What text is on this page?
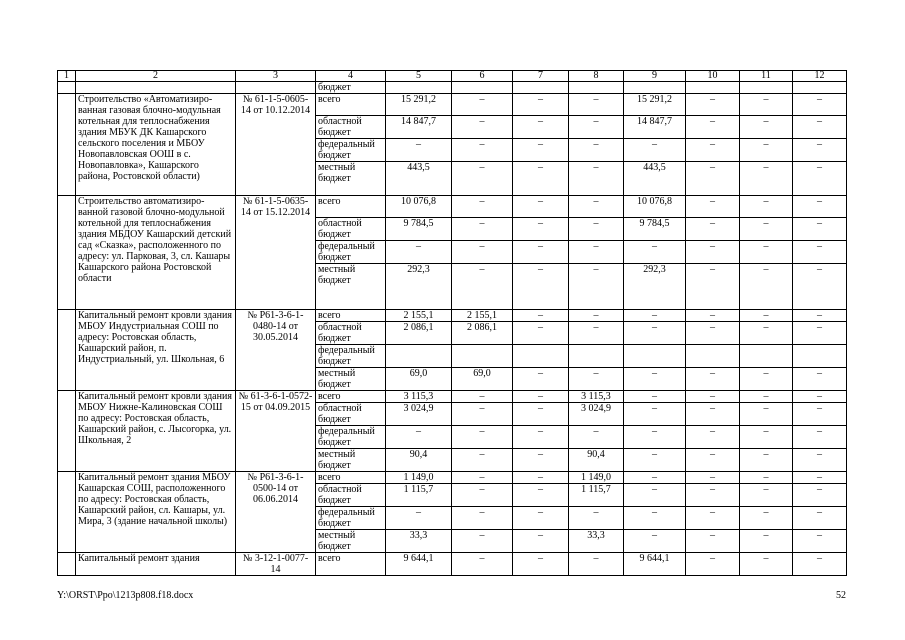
1	2	3	4	5	6	7	8	9	10	11	12
			бюджет								
	Строительство «Автоматизиро-ванная газовая блочно-модульная котельная для теплоснабжения здания МБУК ДК Кашарского сельского поселения и МБОУ Новопавловская ООШ в с. Новопавловка», Кашарского района, Ростовской области)	№ 61-1-5-0605-14 от 10.12.2014	всего	15 291,2	–	–	–	15 291,2	–	–	–
			областной бюджет	14 847,7	–	–	–	14 847,7	–	–	–
			федеральный бюджет	–	–	–	–	–	–	–	–
			местный бюджет	443,5	–	–	–	443,5	–	–	–
	Строительство автоматизиро-ванной газовой блочно-модульной котельной для теплоснабжения здания МБДОУ Кашарский детский сад «Сказка», расположенного по адресу: ул. Парковая, 3, сл. Кашары Кашарского района Ростовской области	№ 61-1-5-0635-14 от 15.12.2014	всего	10 076,8	–	–	–	10 076,8	–	–	–
			областной бюджет	9 784,5	–	–	–	9 784,5	–	–	–
			федеральный бюджет	–	–	–	–	–	–	–	–
			местный бюджет	292,3	–	–	–	292,3	–	–	–
	Капитальный ремонт кровли здания МБОУ Индустриальная СОШ по адресу: Ростовская область, Кашарский район, п. Индустриальный, ул. Школьная, 6	№ Р61-3-6-1-0480-14 от 30.05.2014	всего	2 155,1	2 155,1	–	–	–	–	–	–
			областной бюджет	2 086,1	2 086,1	–	–	–	–	–	–
			федеральный бюджет								
			местный бюджет	69,0	69,0	–	–	–	–	–	–
	Капитальный ремонт кровли здания МБОУ Нижне-Калиновская СОШ по адресу: Ростовская область, Кашарский район, с. Лысогорка, ул. Школьная, 2	№ 61-3-6-1-0572-15 от 04.09.2015	всего	3 115,3	–	–	3 115,3	–	–	–	–
			областной бюджет	3 024,9	–	–	3 024,9	–	–	–	–
			федеральный бюджет	–	–	–	–	–	–	–	–
			местный бюджет	90,4	–	–	90,4	–	–	–	–
	Капитальный ремонт здания МБОУ Кашарская СОШ, расположенного по адресу: Ростовская область, Кашарский район, сл. Кашары, ул. Мира, 3 (здание начальной школы)	№ Р61-3-6-1-0500-14 от 06.06.2014	всего	1 149,0	–	–	1 149,0	–	–	–	–
			областной бюджет	1 115,7	–	–	1 115,7	–	–	–	–
			федеральный бюджет	–	–	–	–	–	–	–	–
			местный бюджет	33,3	–	–	33,3	–	–	–	–
	Капитальный ремонт здания	№ 3-12-1-0077-14	всего	9 644,1	–	–	–	9 644,1	–	–	–
Y:\ORST\Ppo\1213p808.f18.docx	52
